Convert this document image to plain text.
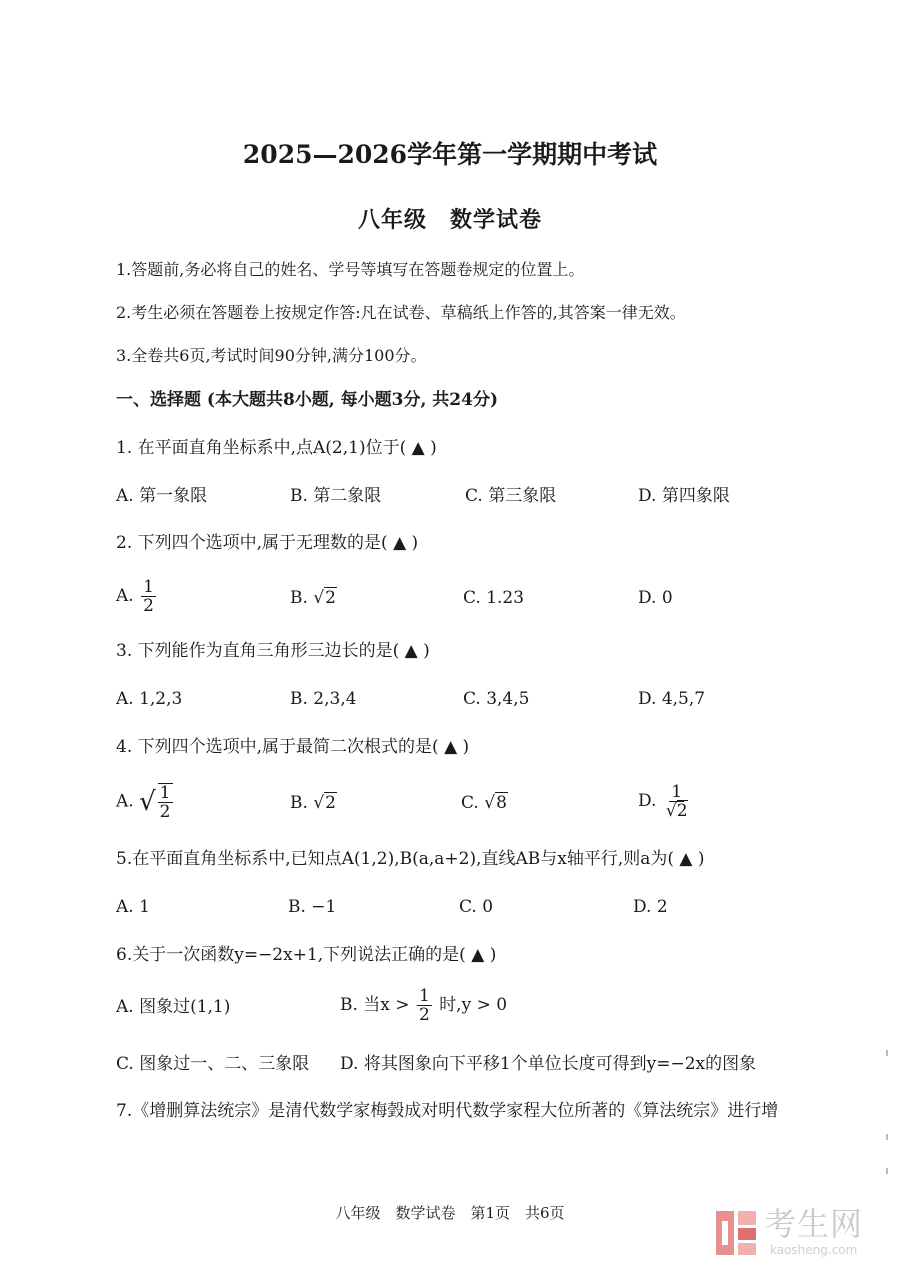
2025—2026学年第一学期期中考试
八年级　数学试卷
1.答题前,务必将自己的姓名、学号等填写在答题卷规定的位置上。
2.考生必须在答题卷上按规定作答:凡在试卷、草稿纸上作答的,其答案一律无效。
3.全卷共6页,考试时间90分钟,满分100分。
一、选择题 (本大题共8小题, 每小题3分, 共24分)
1. 在平面直角坐标系中,点A(2,1)位于( ▲ )
A. 第一象限	B. 第二象限	C. 第三象限	D. 第四象限
2. 下列四个选项中,属于无理数的是( ▲ )
A. $\frac{1}{2}$	B. √2	C. 1.23	D. 0
3. 下列能作为直角三角形三边长的是( ▲ )
A. 1,2,3	B. 2,3,4	C. 3,4,5	D. 4,5,7
4. 下列四个选项中,属于最简二次根式的是( ▲ )
A. √ $\frac{1}{2}$	B. √2	C. √8	D. $\frac{1}{√2}$
5.在平面直角坐标系中,已知点A(1,2),B(a,a+2),直线AB与x轴平行,则a为( ▲ )
A. 1	B. −1	C. 0	D. 2
6.关于一次函数y=−2x+1,下列说法正确的是( ▲ )
A. 图象过(1,1)	B. 当$x > \frac{1}{2}$ 时,y > 0
C. 图象过一、二、三象限 D. 将其图象向下平移1个单位长度可得到y=−2x的图象
7.《增删算法统宗》是清代数学家梅瑴成对明代数学家程大位所著的《算法统宗》进行增
八年级　数学试卷　第1页　共6页	考生网
kaosheng.com
